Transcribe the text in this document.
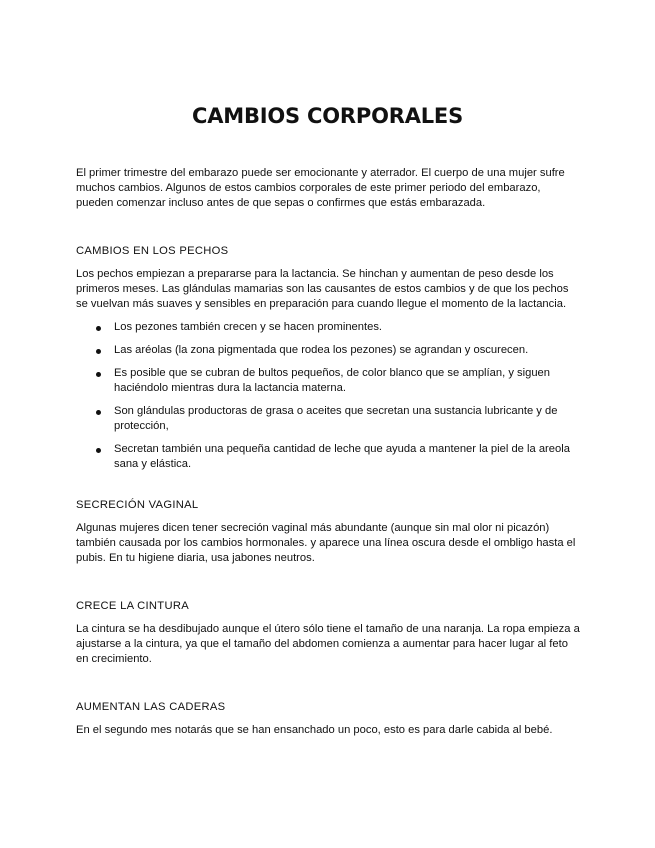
CAMBIOS CORPORALES

El primer trimestre del embarazo puede ser emocionante y aterrador. El cuerpo de una mujer sufre muchos cambios. Algunos de estos cambios corporales de este primer periodo del embarazo, pueden comenzar incluso antes de que sepas o confirmes que estás embarazada.

CAMBIOS EN LOS PECHOS

Los pechos empiezan a prepararse para la lactancia. Se hinchan y aumentan de peso desde los primeros meses. Las glándulas mamarias son las causantes de estos cambios y de que los pechos se vuelvan más suaves y sensibles en preparación para cuando llegue el momento de la lactancia.

Los pezones también crecen y se hacen prominentes.
Las aréolas (la zona pigmentada que rodea los pezones) se agrandan y oscurecen.
Es posible que se cubran de bultos pequeños, de color blanco que se amplían, y siguen haciéndolo mientras dura la lactancia materna.
Son glándulas productoras de grasa o aceites que secretan una sustancia lubricante y de protección,
Secretan también una pequeña cantidad de leche que ayuda a mantener la piel de la areola sana y elástica.

SECRECIÓN VAGINAL

Algunas mujeres dicen tener secreción vaginal más abundante (aunque sin mal olor ni picazón) también causada por los cambios hormonales. y aparece una línea oscura desde el ombligo hasta el pubis. En tu higiene diaria, usa jabones neutros.

CRECE LA CINTURA

La cintura se ha desdibujado aunque el útero sólo tiene el tamaño de una naranja. La ropa empieza a ajustarse a la cintura, ya que el tamaño del abdomen comienza a aumentar para hacer lugar al feto en crecimiento.

AUMENTAN LAS CADERAS

En el segundo mes notarás que se han ensanchado un poco, esto es para darle cabida al bebé.
